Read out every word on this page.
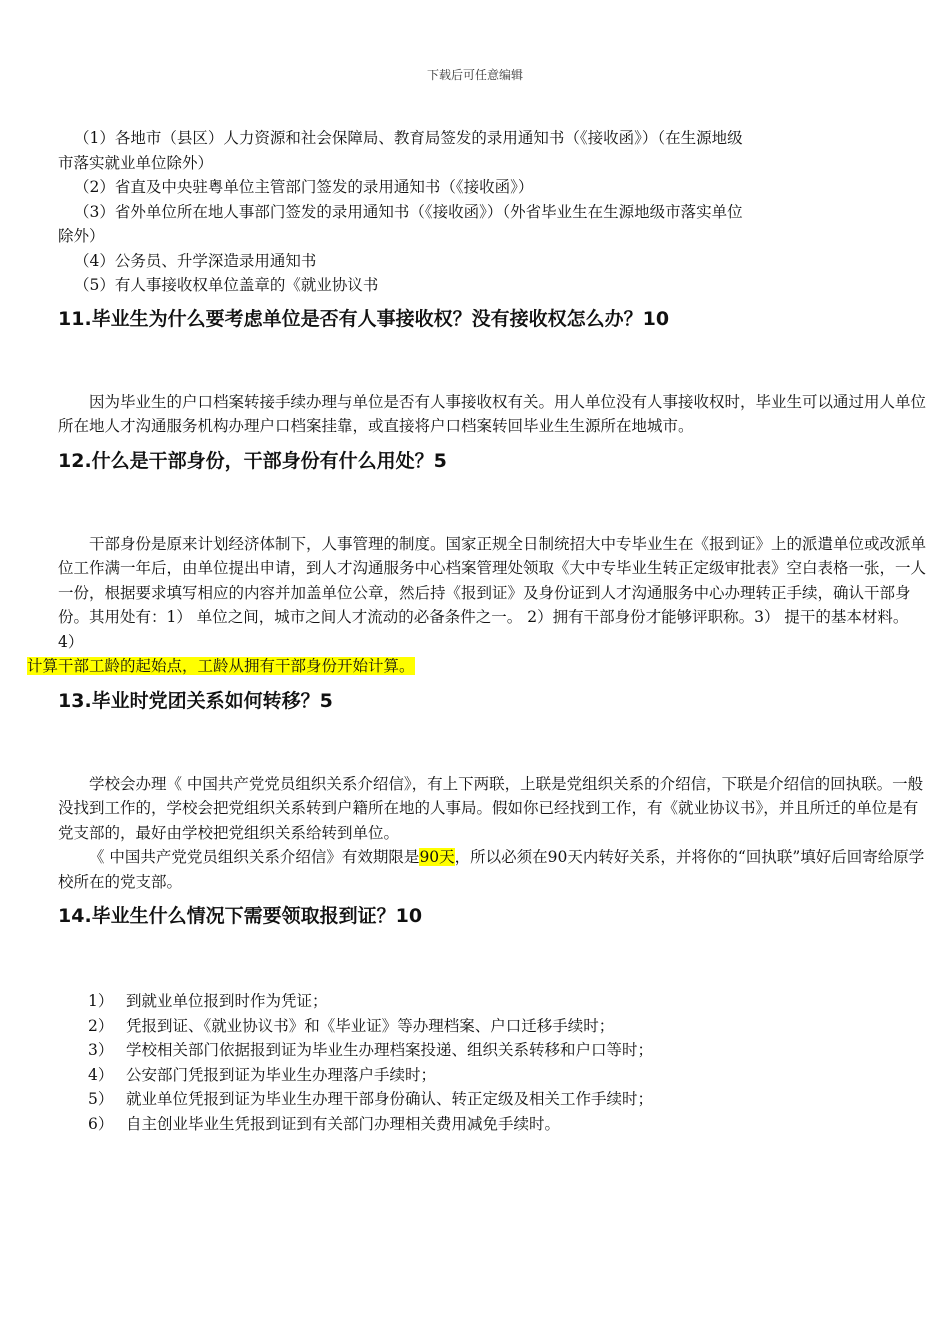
下载后可任意编辑

（1）各地市（县区）人力资源和社会保障局、教育局签发的录用通知书（《接收函》）（在生源地级

市落实就业单位除外）

（2）省直及中央驻粤单位主管部门签发的录用通知书（《接收函》）

（3）省外单位所在地人事部门签发的录用通知书（《接收函》）（外省毕业生在生源地级市落实单位

除外）

（4）公务员、升学深造录用通知书

（5）有人事接收权单位盖章的《就业协议书

11.毕业生为什么要考虑单位是否有人事接收权？没有接收权怎么办？10

因为毕业生的户口档案转接手续办理与单位是否有人事接收权有关。用人单位没有人事接收权时，毕业生可以通过用人单位所在地人才沟通服务机构办理户口档案挂靠，或直接将户口档案转回毕业生生源所在地城市。

12.什么是干部身份，干部身份有什么用处？5

干部身份是原来计划经济体制下，人事管理的制度。国家正规全日制统招大中专毕业生在《报到证》上的派遣单位或改派单位工作满一年后，由单位提出申请，到人才沟通服务中心档案管理处领取《大中专毕业生转正定级审批表》空白表格一张，一人一份，根据要求填写相应的内容并加盖单位公章，然后持《报到证》及身份证到人才沟通服务中心办理转正手续，确认干部身份。其用处有：1） 单位之间，城市之间人才流动的必备条件之一。 2）拥有干部身份才能够评职称。3） 提干的基本材料。4）
计算干部工龄的起始点，工龄从拥有干部身份开始计算。

13.毕业时党团关系如何转移？5

学校会办理《 中国共产党党员组织关系介绍信》，有上下两联，上联是党组织关系的介绍信，下联是介绍信的回执联。一般没找到工作的，学校会把党组织关系转到户籍所在地的人事局。假如你已经找到工作，有《就业协议书》，并且所迁的单位是有党支部的，最好由学校把党组织关系给转到单位。

《 中国共产党党员组织关系介绍信》有效期限是90天，所以必须在90天内转好关系，并将你的“回执联”填好后回寄给原学校所在的党支部。

14.毕业生什么情况下需要领取报到证？10
1） 到就业单位报到时作为凭证；
2） 凭报到证、《就业协议书》和《毕业证》等办理档案、户口迁移手续时；
3） 学校相关部门依据报到证为毕业生办理档案投递、组织关系转移和户口等时；
4） 公安部门凭报到证为毕业生办理落户手续时；
5） 就业单位凭报到证为毕业生办理干部身份确认、转正定级及相关工作手续时；
6） 自主创业毕业生凭报到证到有关部门办理相关费用减免手续时。
